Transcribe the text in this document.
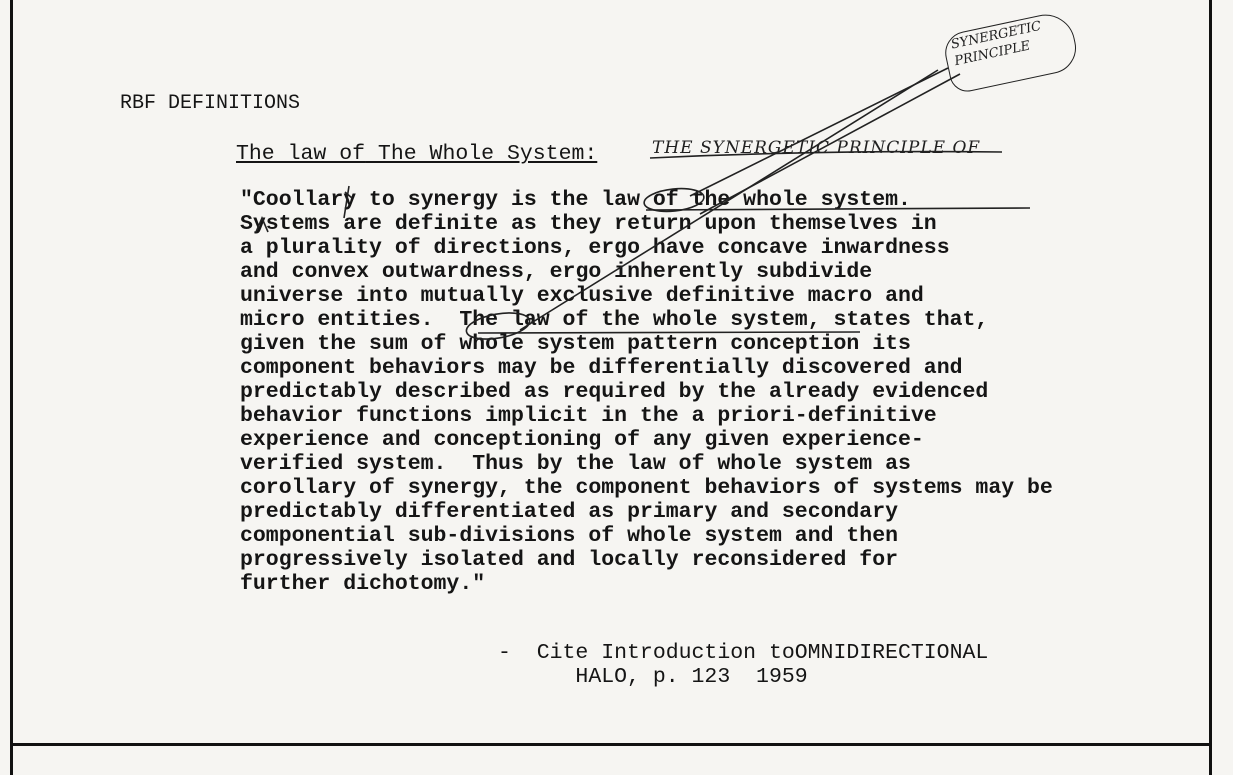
RBF DEFINITIONS

The law of The Whole System:	THE SYNERGETIC PRINCIPLE OF

SYNERGETIC
PRINCIPLE

"Coollary to synergy is the law of the whole system.
Systems are definite as they return upon themselves in
a plurality of directions, ergo have concave inwardness
and convex outwardness, ergo inherently subdivide
universe into mutually exclusive definitive macro and
micro entities.  The law of the whole system, states that,
given the sum of whole system pattern conception its
component behaviors may be differentially discovered and
predictably described as required by the already evidenced
behavior functions implicit in the a priori-definitive
experience and conceptioning of any given experience-
verified system.  Thus by the law of whole system as
corollary of synergy, the component behaviors of systems may be
predictably differentiated as primary and secondary
componential sub-divisions of whole system and then
progressively isolated and locally reconsidered for
further dichotomy."

-  Cite Introduction toOMNIDIRECTIONAL
HALO, p. 123  1959
